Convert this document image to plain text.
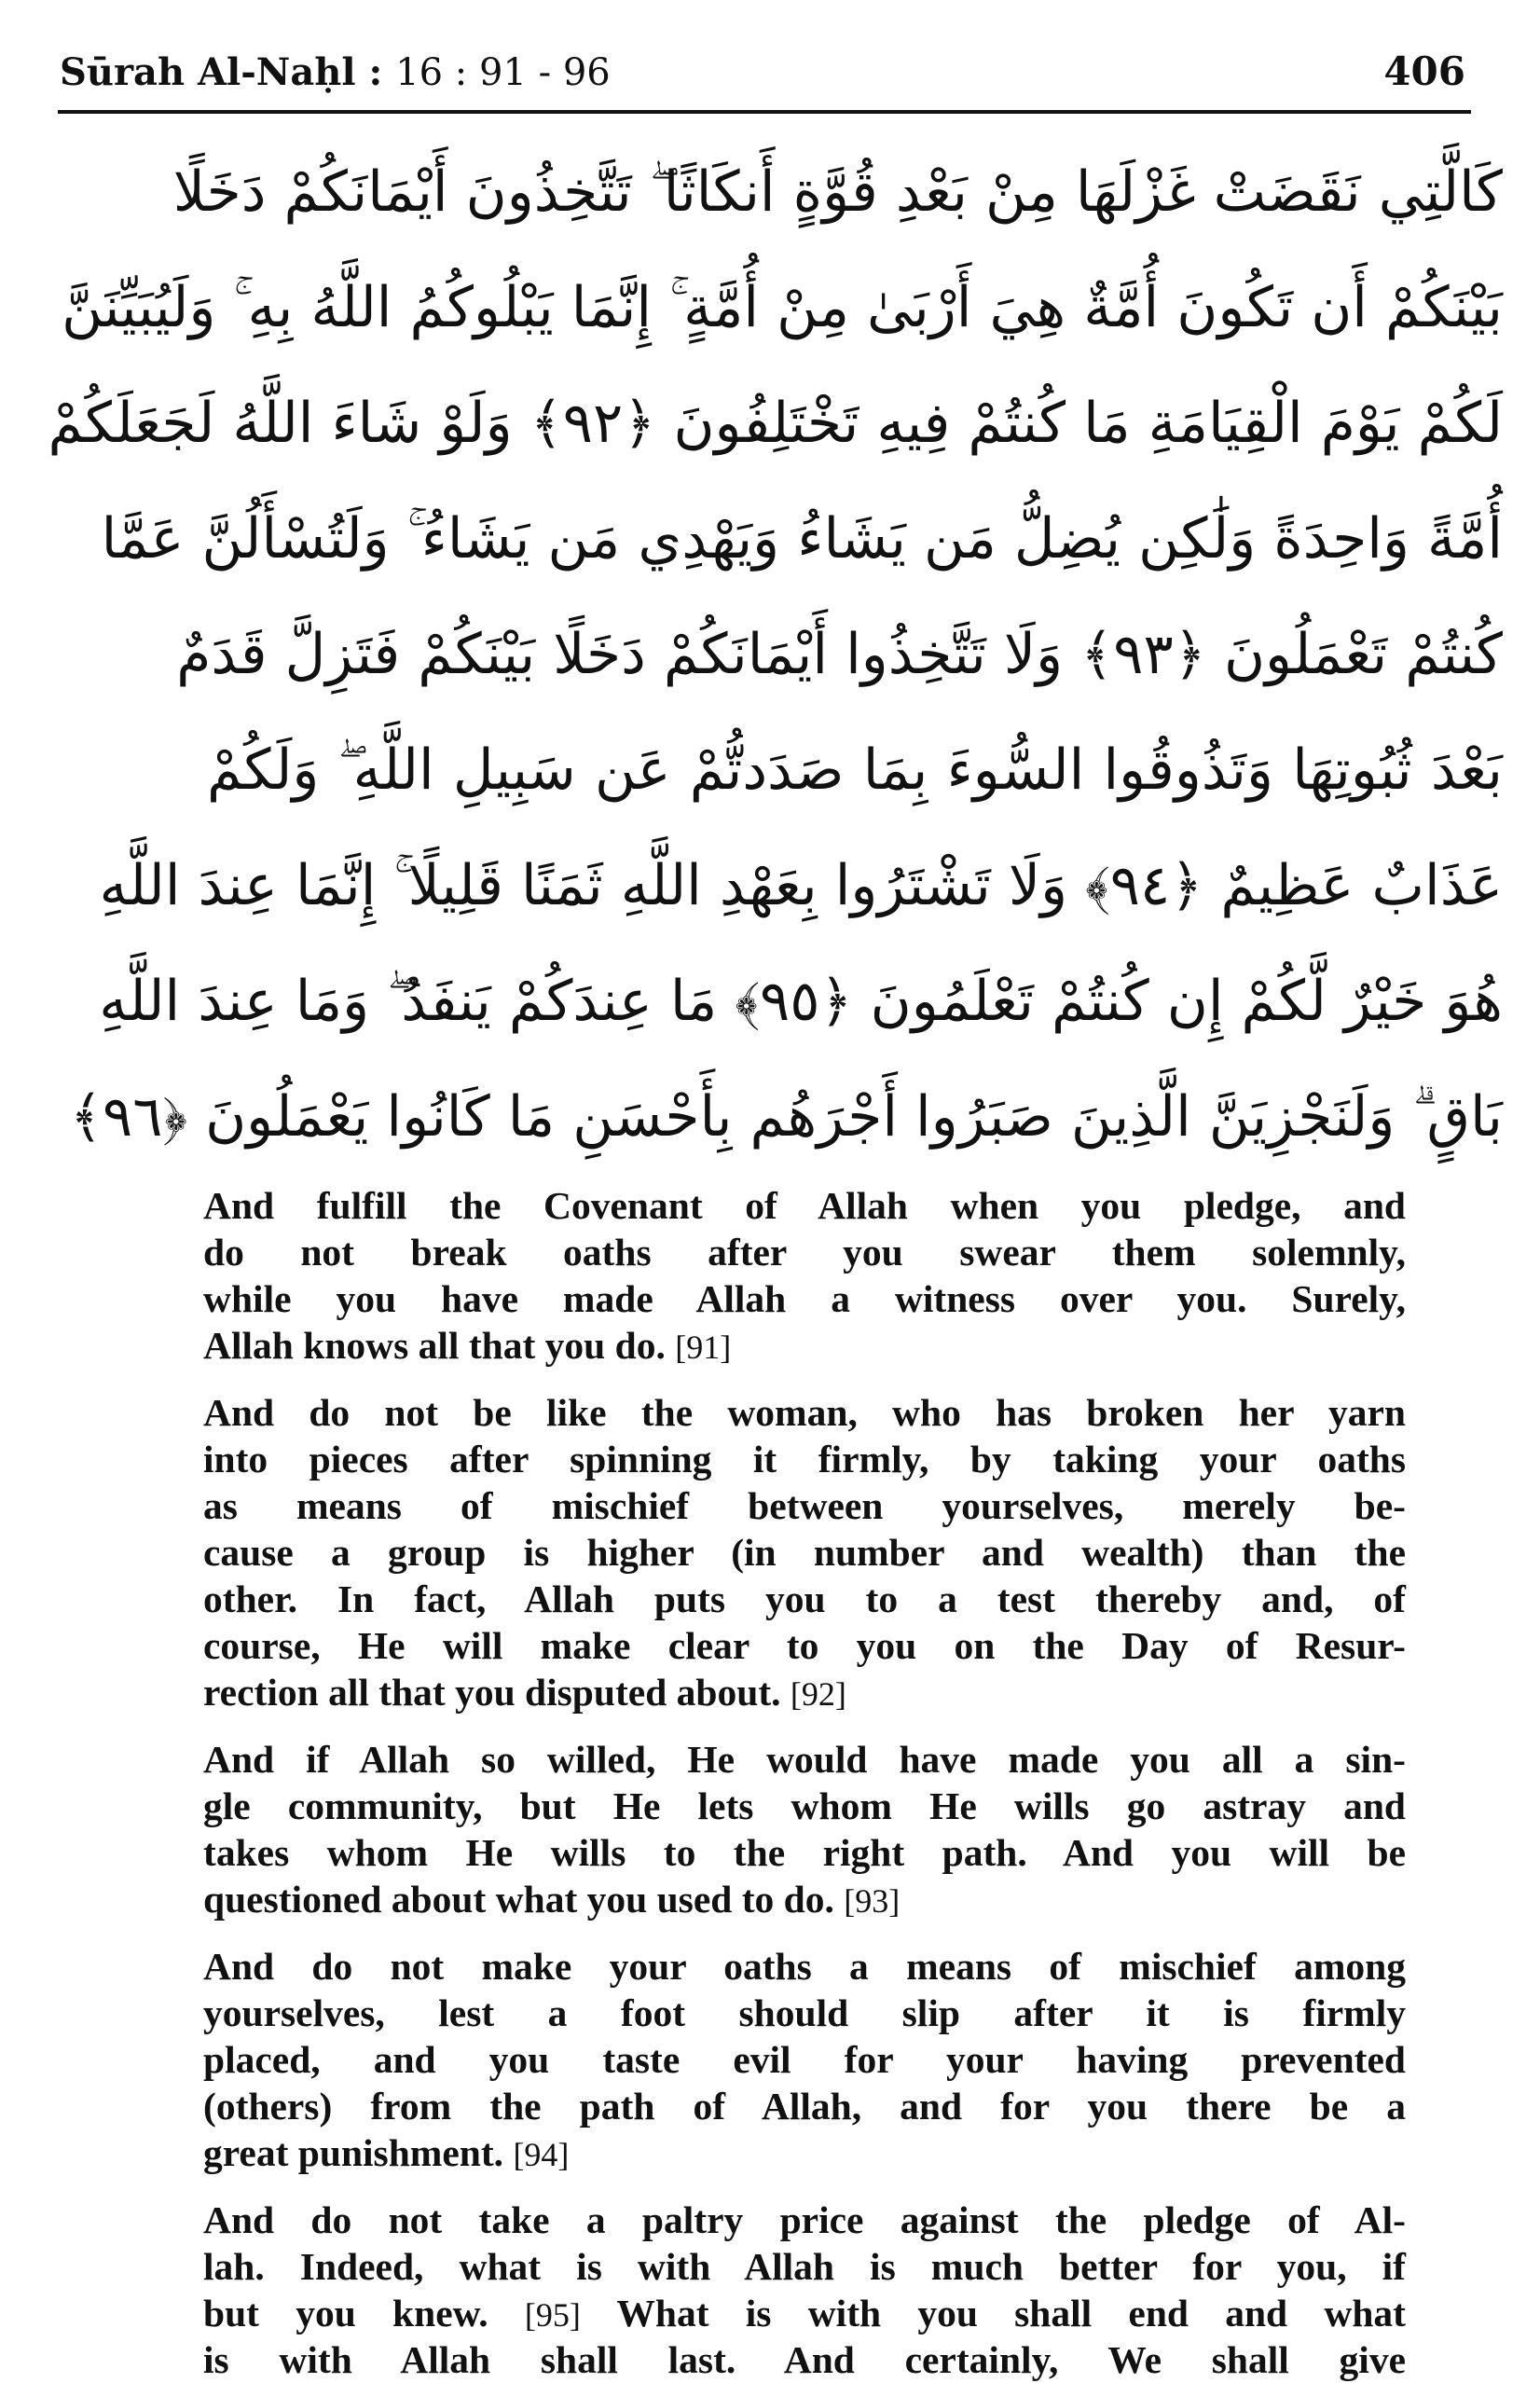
Sūrah Al-Naḥl : 16 : 91 - 96	406
كَالَّتِي نَقَضَتْ غَزْلَهَا مِنْ بَعْدِ قُوَّةٍ أَنكَاثًا ۖ تَتَّخِذُونَ أَيْمَانَكُمْ دَخَلًا
بَيْنَكُمْ أَن تَكُونَ أُمَّةٌ هِيَ أَرْبَىٰ مِنْ أُمَّةٍ ۚ إِنَّمَا يَبْلُوكُمُ اللَّهُ بِهِ ۚ وَلَيُبَيِّنَنَّ
لَكُمْ يَوْمَ الْقِيَامَةِ مَا كُنتُمْ فِيهِ تَخْتَلِفُونَ ﴿٩٢﴾ وَلَوْ شَاءَ اللَّهُ لَجَعَلَكُمْ
أُمَّةً وَاحِدَةً وَلَٰكِن يُضِلُّ مَن يَشَاءُ وَيَهْدِي مَن يَشَاءُ ۚ وَلَتُسْأَلُنَّ عَمَّا
كُنتُمْ تَعْمَلُونَ ﴿٩٣﴾ وَلَا تَتَّخِذُوا أَيْمَانَكُمْ دَخَلًا بَيْنَكُمْ فَتَزِلَّ قَدَمٌ
بَعْدَ ثُبُوتِهَا وَتَذُوقُوا السُّوءَ بِمَا صَدَدتُّمْ عَن سَبِيلِ اللَّهِ ۖ وَلَكُمْ
عَذَابٌ عَظِيمٌ ﴿٩٤﴾ وَلَا تَشْتَرُوا بِعَهْدِ اللَّهِ ثَمَنًا قَلِيلًا ۚ إِنَّمَا عِندَ اللَّهِ
هُوَ خَيْرٌ لَّكُمْ إِن كُنتُمْ تَعْلَمُونَ ﴿٩٥﴾ مَا عِندَكُمْ يَنفَدُ ۖ وَمَا عِندَ اللَّهِ
بَاقٍ ۗ وَلَنَجْزِيَنَّ الَّذِينَ صَبَرُوا أَجْرَهُم بِأَحْسَنِ مَا كَانُوا يَعْمَلُونَ ﴿٩٦﴾
And fulfill the Covenant of Allah when you pledge, and
do not break oaths after you swear them solemnly,
while you have made Allah a witness over you. Surely,
Allah knows all that you do. [91]
And do not be like the woman, who has broken her yarn
into pieces after spinning it firmly, by taking your oaths
as means of mischief between yourselves, merely be-
cause a group is higher (in number and wealth) than the
other. In fact, Allah puts you to a test thereby and, of
course, He will make clear to you on the Day of Resur-
rection all that you disputed about. [92]
And if Allah so willed, He would have made you all a sin-
gle community, but He lets whom He wills go astray and
takes whom He wills to the right path. And you will be
questioned about what you used to do. [93]
And do not make your oaths a means of mischief among
yourselves, lest a foot should slip after it is firmly
placed, and you taste evil for your having prevented
(others) from the path of Allah, and for you there be a
great punishment. [94]
And do not take a paltry price against the pledge of Al-
lah. Indeed, what is with Allah is much better for you, if
but you knew. [95] What is with you shall end and what
is with Allah shall last. And certainly, We shall give
